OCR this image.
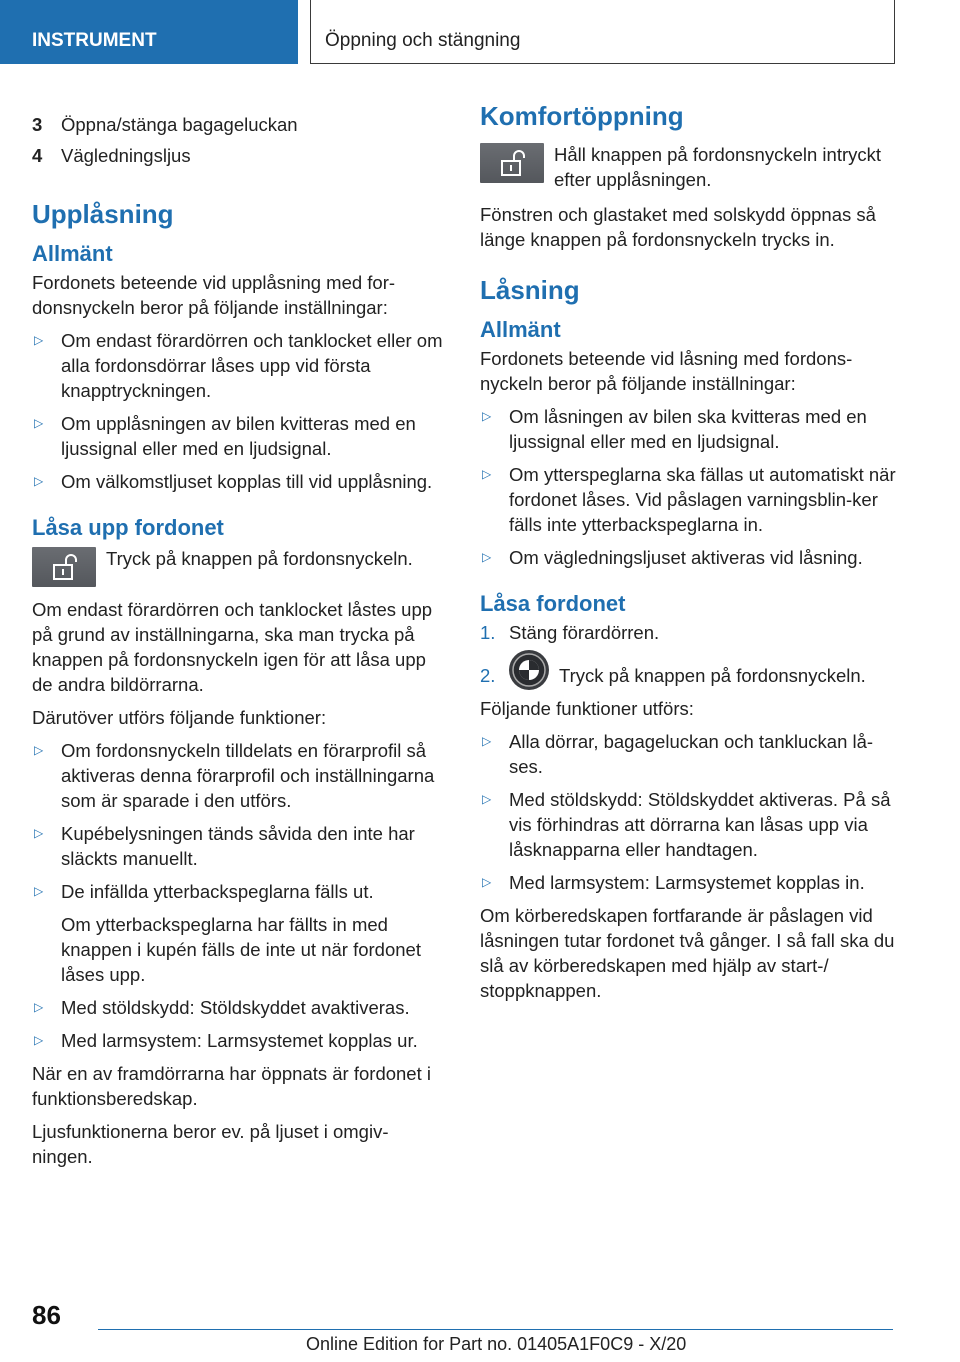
INSTRUMENT	Öppning och stängning
3	Öppna/stänga bagageluckan
4	Vägledningsljus
Upplåsning
Allmänt
Fordonets beteende vid upplåsning med for-donsnyckeln beror på följande inställningar:
▷ Om endast förardörren och tanklocket eller om alla fordonsdörrar låses upp vid första knapptryckningen.
▷ Om upplåsningen av bilen kvitteras med en ljussignal eller med en ljudsignal.
▷ Om välkomstljuset kopplas till vid upplåsning.
Låsa upp fordonet
Tryck på knappen på fordonsnyckeln.
Om endast förardörren och tanklocket låstes upp på grund av inställningarna, ska man trycka på knappen på fordonsnyckeln igen för att låsa upp de andra bildörrarna.
Därutöver utförs följande funktioner:
▷ Om fordonsnyckeln tilldelats en förarprofil så aktiveras denna förarprofil och inställningarna som är sparade i den utförs.
▷ Kupébelysningen tänds såvida den inte har släckts manuellt.
▷ De infällda ytterbackspeglarna fälls ut.
Om ytterbackspeglarna har fällts in med knappen i kupén fälls de inte ut när fordonet låses upp.
▷ Med stöldskydd: Stöldskyddet avaktiveras.
▷ Med larmsystem: Larmsystemet kopplas ur.
När en av framdörrarna har öppnats är fordonet i funktionsberedskap.
Ljusfunktionerna beror ev. på ljuset i omgiv-ningen.
Komfortöppning
Håll knappen på fordonsnyckeln intryckt efter upplåsningen.
Fönstren och glastaket med solskydd öppnas så länge knappen på fordonsnyckeln trycks in.
Låsning
Allmänt
Fordonets beteende vid låsning med fordons-nyckeln beror på följande inställningar:
▷ Om låsningen av bilen ska kvitteras med en ljussignal eller med en ljudsignal.
▷ Om ytterspeglarna ska fällas ut automatiskt när fordonet låses. Vid påslagen varningsblin-ker fälls inte ytterbackspeglarna in.
▷ Om vägledningsljuset aktiveras vid låsning.
Låsa fordonet
1. Stäng förardörren.
2.	Tryck på knappen på fordonsnyckeln.
Följande funktioner utförs:
▷ Alla dörrar, bagageluckan och tankluckan lå-ses.
▷ Med stöldskydd: Stöldskyddet aktiveras. På så vis förhindras att dörrarna kan låsas upp via låsknapparna eller handtagen.
▷ Med larmsystem: Larmsystemet kopplas in.
Om körberedskapen fortfarande är påslagen vid låsningen tutar fordonet två gånger. I så fall ska du slå av körberedskapen med hjälp av start-/ stoppknappen.
86
Online Edition for Part no. 01405A1F0C9 - X/20
